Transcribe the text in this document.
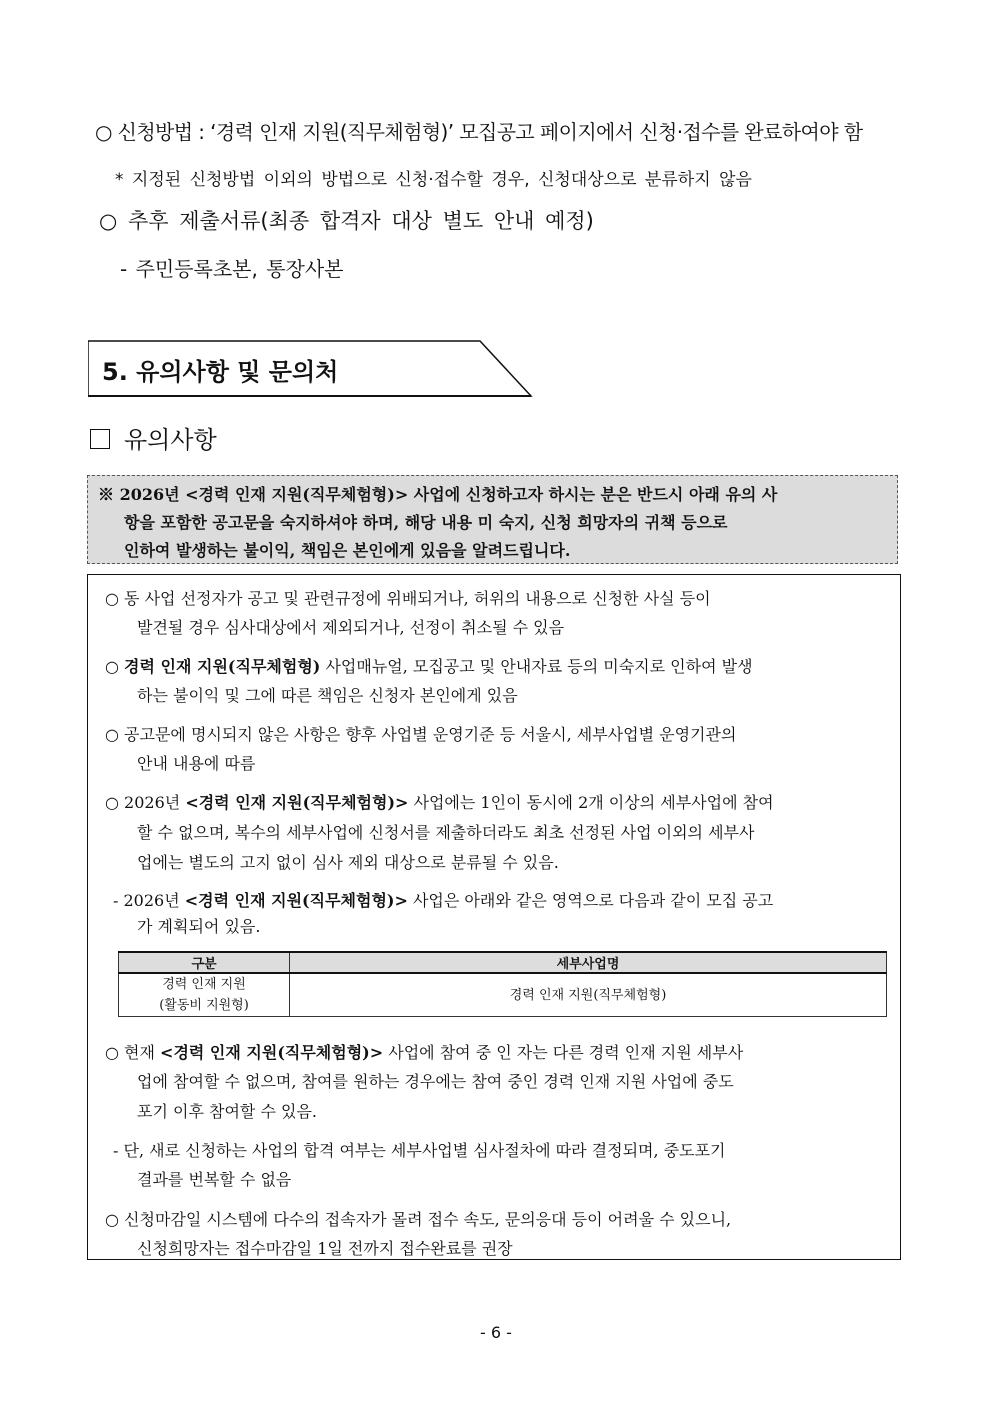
○ 신청방법 : ‘경력 인재 지원(직무체험형)’ 모집공고 페이지에서 신청·접수를 완료하여야 함
* 지정된 신청방법 이외의 방법으로 신청·접수할 경우, 신청대상으로 분류하지 않음
○ 추후 제출서류(최종 합격자 대상 별도 안내 예정)
- 주민등록초본, 통장사본
5. 유의사항 및 문의처
유의사항
※ 2026년 <경력 인재 지원(직무체험형)> 사업에 신청하고자 하시는 분은 반드시 아래 유의 사
항을 포함한 공고문을 숙지하셔야 하며, 해당 내용 미 숙지, 신청 희망자의 귀책 등으로
인하여 발생하는 불이익, 책임은 본인에게 있음을 알려드립니다.
○ 동 사업 선정자가 공고 및 관련규정에 위배되거나, 허위의 내용으로 신청한 사실 등이
발견될 경우 심사대상에서 제외되거나, 선정이 취소될 수 있음
○ 경력 인재 지원(직무체험형) 사업매뉴얼, 모집공고 및 안내자료 등의 미숙지로 인하여 발생
하는 불이익 및 그에 따른 책임은 신청자 본인에게 있음
○ 공고문에 명시되지 않은 사항은 향후 사업별 운영기준 등 서울시, 세부사업별 운영기관의
안내 내용에 따름
○ 2026년 <경력 인재 지원(직무체험형)> 사업에는 1인이 동시에 2개 이상의 세부사업에 참여
할 수 없으며, 복수의 세부사업에 신청서를 제출하더라도 최초 선정된 사업 이외의 세부사
업에는 별도의 고지 없이 심사 제외 대상으로 분류될 수 있음.
- 2026년 <경력 인재 지원(직무체험형)> 사업은 아래와 같은 영역으로 다음과 같이 모집 공고
가 계획되어 있음.
구분	세부사업명
경력 인재 지원
(활동비 지원형)	경력 인재 지원(직무체험형)
○ 현재 <경력 인재 지원(직무체험형)> 사업에 참여 중 인 자는 다른 경력 인재 지원 세부사
업에 참여할 수 없으며, 참여를 원하는 경우에는 참여 중인 경력 인재 지원 사업에 중도
포기 이후 참여할 수 있음.
- 단, 새로 신청하는 사업의 합격 여부는 세부사업별 심사절차에 따라 결정되며, 중도포기
결과를 번복할 수 없음
○ 신청마감일 시스템에 다수의 접속자가 몰려 접수 속도, 문의응대 등이 어려울 수 있으니,
신청희망자는 접수마감일 1일 전까지 접수완료를 권장
- 6 -
